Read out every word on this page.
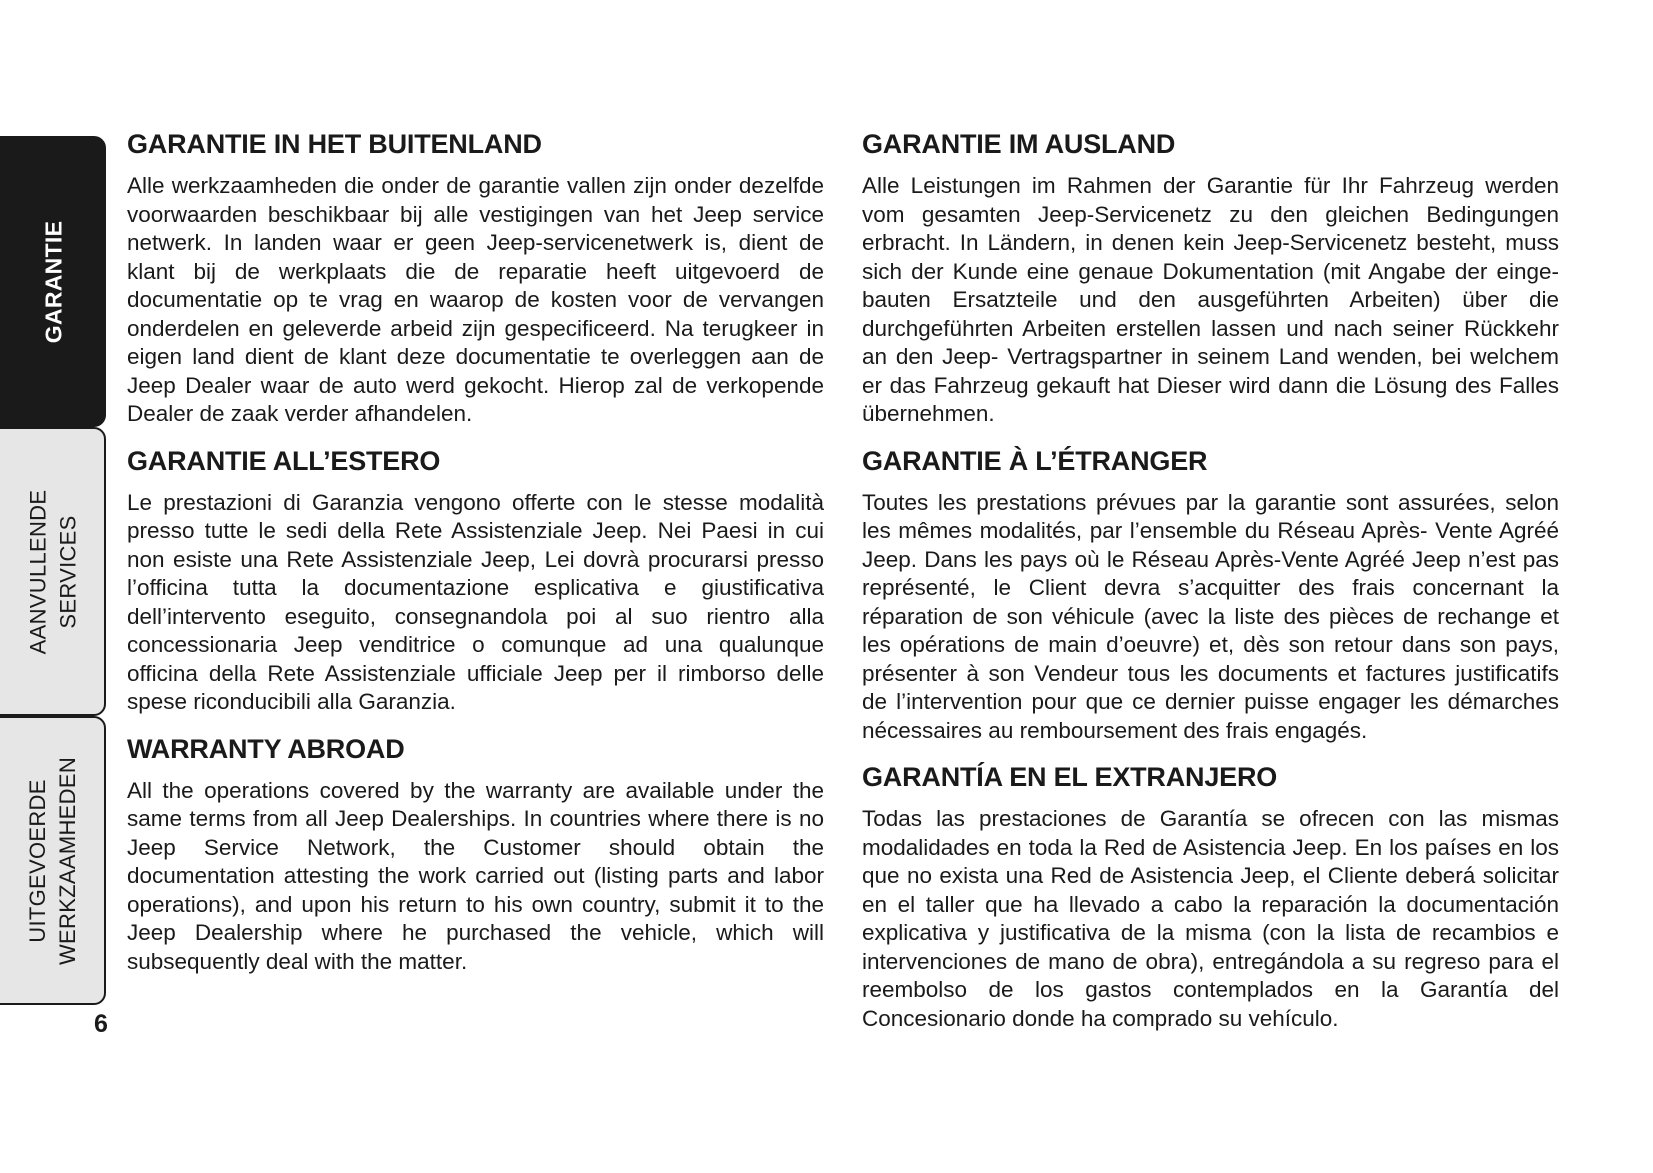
GARANTIE
AANVULLENDE
SERVICES
UITGEVOERDE
WERKZAAMHEDEN
6
GARANTIE IN HET BUITENLAND

Alle werkzaamheden die onder de garantie vallen zijn onder dezelfde voorwaarden beschikbaar bij alle vestigingen van het Jeep service netwerk. In landen waar er geen Jeep-servicenetwerk is, dient de klant bij de werkplaats die de reparatie heeft uitgevoerd de documentatie op te vrag en waarop de kosten voor de vervangen onderdelen en geleverde arbeid zijn gespecificeerd. Na terugkeer in eigen land dient de klant deze documentatie te overleggen aan de Jeep Dealer waar de auto werd gekocht. Hierop zal de verkopende Dealer de zaak verder afhandelen.

GARANTIE ALL’ESTERO

Le prestazioni di Garanzia vengono offerte con le stesse modalità presso tutte le sedi della Rete Assistenziale Jeep. Nei Paesi in cui non esiste una Rete Assistenziale Jeep, Lei dovrà procurarsi presso l’officina tutta la documentazione esplicativa e giustificativa dell’intervento eseguito, consegnandola poi al suo rientro alla concessionaria Jeep venditrice o comunque ad una qualunque officina della Rete Assistenziale ufficiale Jeep per il rimborso delle spese riconducibili alla Garanzia.

WARRANTY ABROAD

All the operations covered by the warranty are available under the same terms from all Jeep Dealerships. In countries where there is no Jeep Service Network, the Customer should obtain the documentation attesting the work carried out (listing parts and labor operations), and upon his return to his own country, submit it to the Jeep Dealership where he purchased the vehicle, which will subsequently deal with the matter.

GARANTIE IM AUSLAND

Alle Leistungen im Rahmen der Garantie für Ihr Fahrzeug werden vom gesamten Jeep-Servicenetz zu den gleichen Bedingungen erbracht. In Ländern, in denen kein Jeep-Servicenetz besteht, muss sich der Kunde eine genaue Dokumentation (mit Angabe der einge-bauten Ersatzteile und den ausgeführten Arbeiten) über die durchgeführten Arbeiten erstellen lassen und nach seiner Rückkehr an den Jeep- Vertragspartner in seinem Land wenden, bei welchem er das Fahrzeug gekauft hat Dieser wird dann die Lösung des Falles übernehmen.

GARANTIE À L’ÉTRANGER

Toutes les prestations prévues par la garantie sont assurées, selon les mêmes modalités, par l’ensemble du Réseau Après- Vente Agréé Jeep. Dans les pays où le Réseau Après-Vente Agréé Jeep n’est pas représenté, le Client devra s’acquitter des frais concernant la réparation de son véhicule (avec la liste des pièces de rechange et les opérations de main d’oeuvre) et, dès son retour dans son pays, présenter à son Vendeur tous les documents et factures justificatifs de l’intervention pour que ce dernier puisse engager les démarches nécessaires au remboursement des frais engagés.

GARANTÍA EN EL EXTRANJERO

Todas las prestaciones de Garantía se ofrecen con las mismas modalidades en toda la Red de Asistencia Jeep. En los países en los que no exista una Red de Asistencia Jeep, el Cliente deberá solicitar en el taller que ha llevado a cabo la reparación la documentación explicativa y justificativa de la misma (con la lista de recambios e intervenciones de mano de obra), entregándola a su regreso para el reembolso de los gastos contemplados en la Garantía del Concesionario donde ha comprado su vehículo.
